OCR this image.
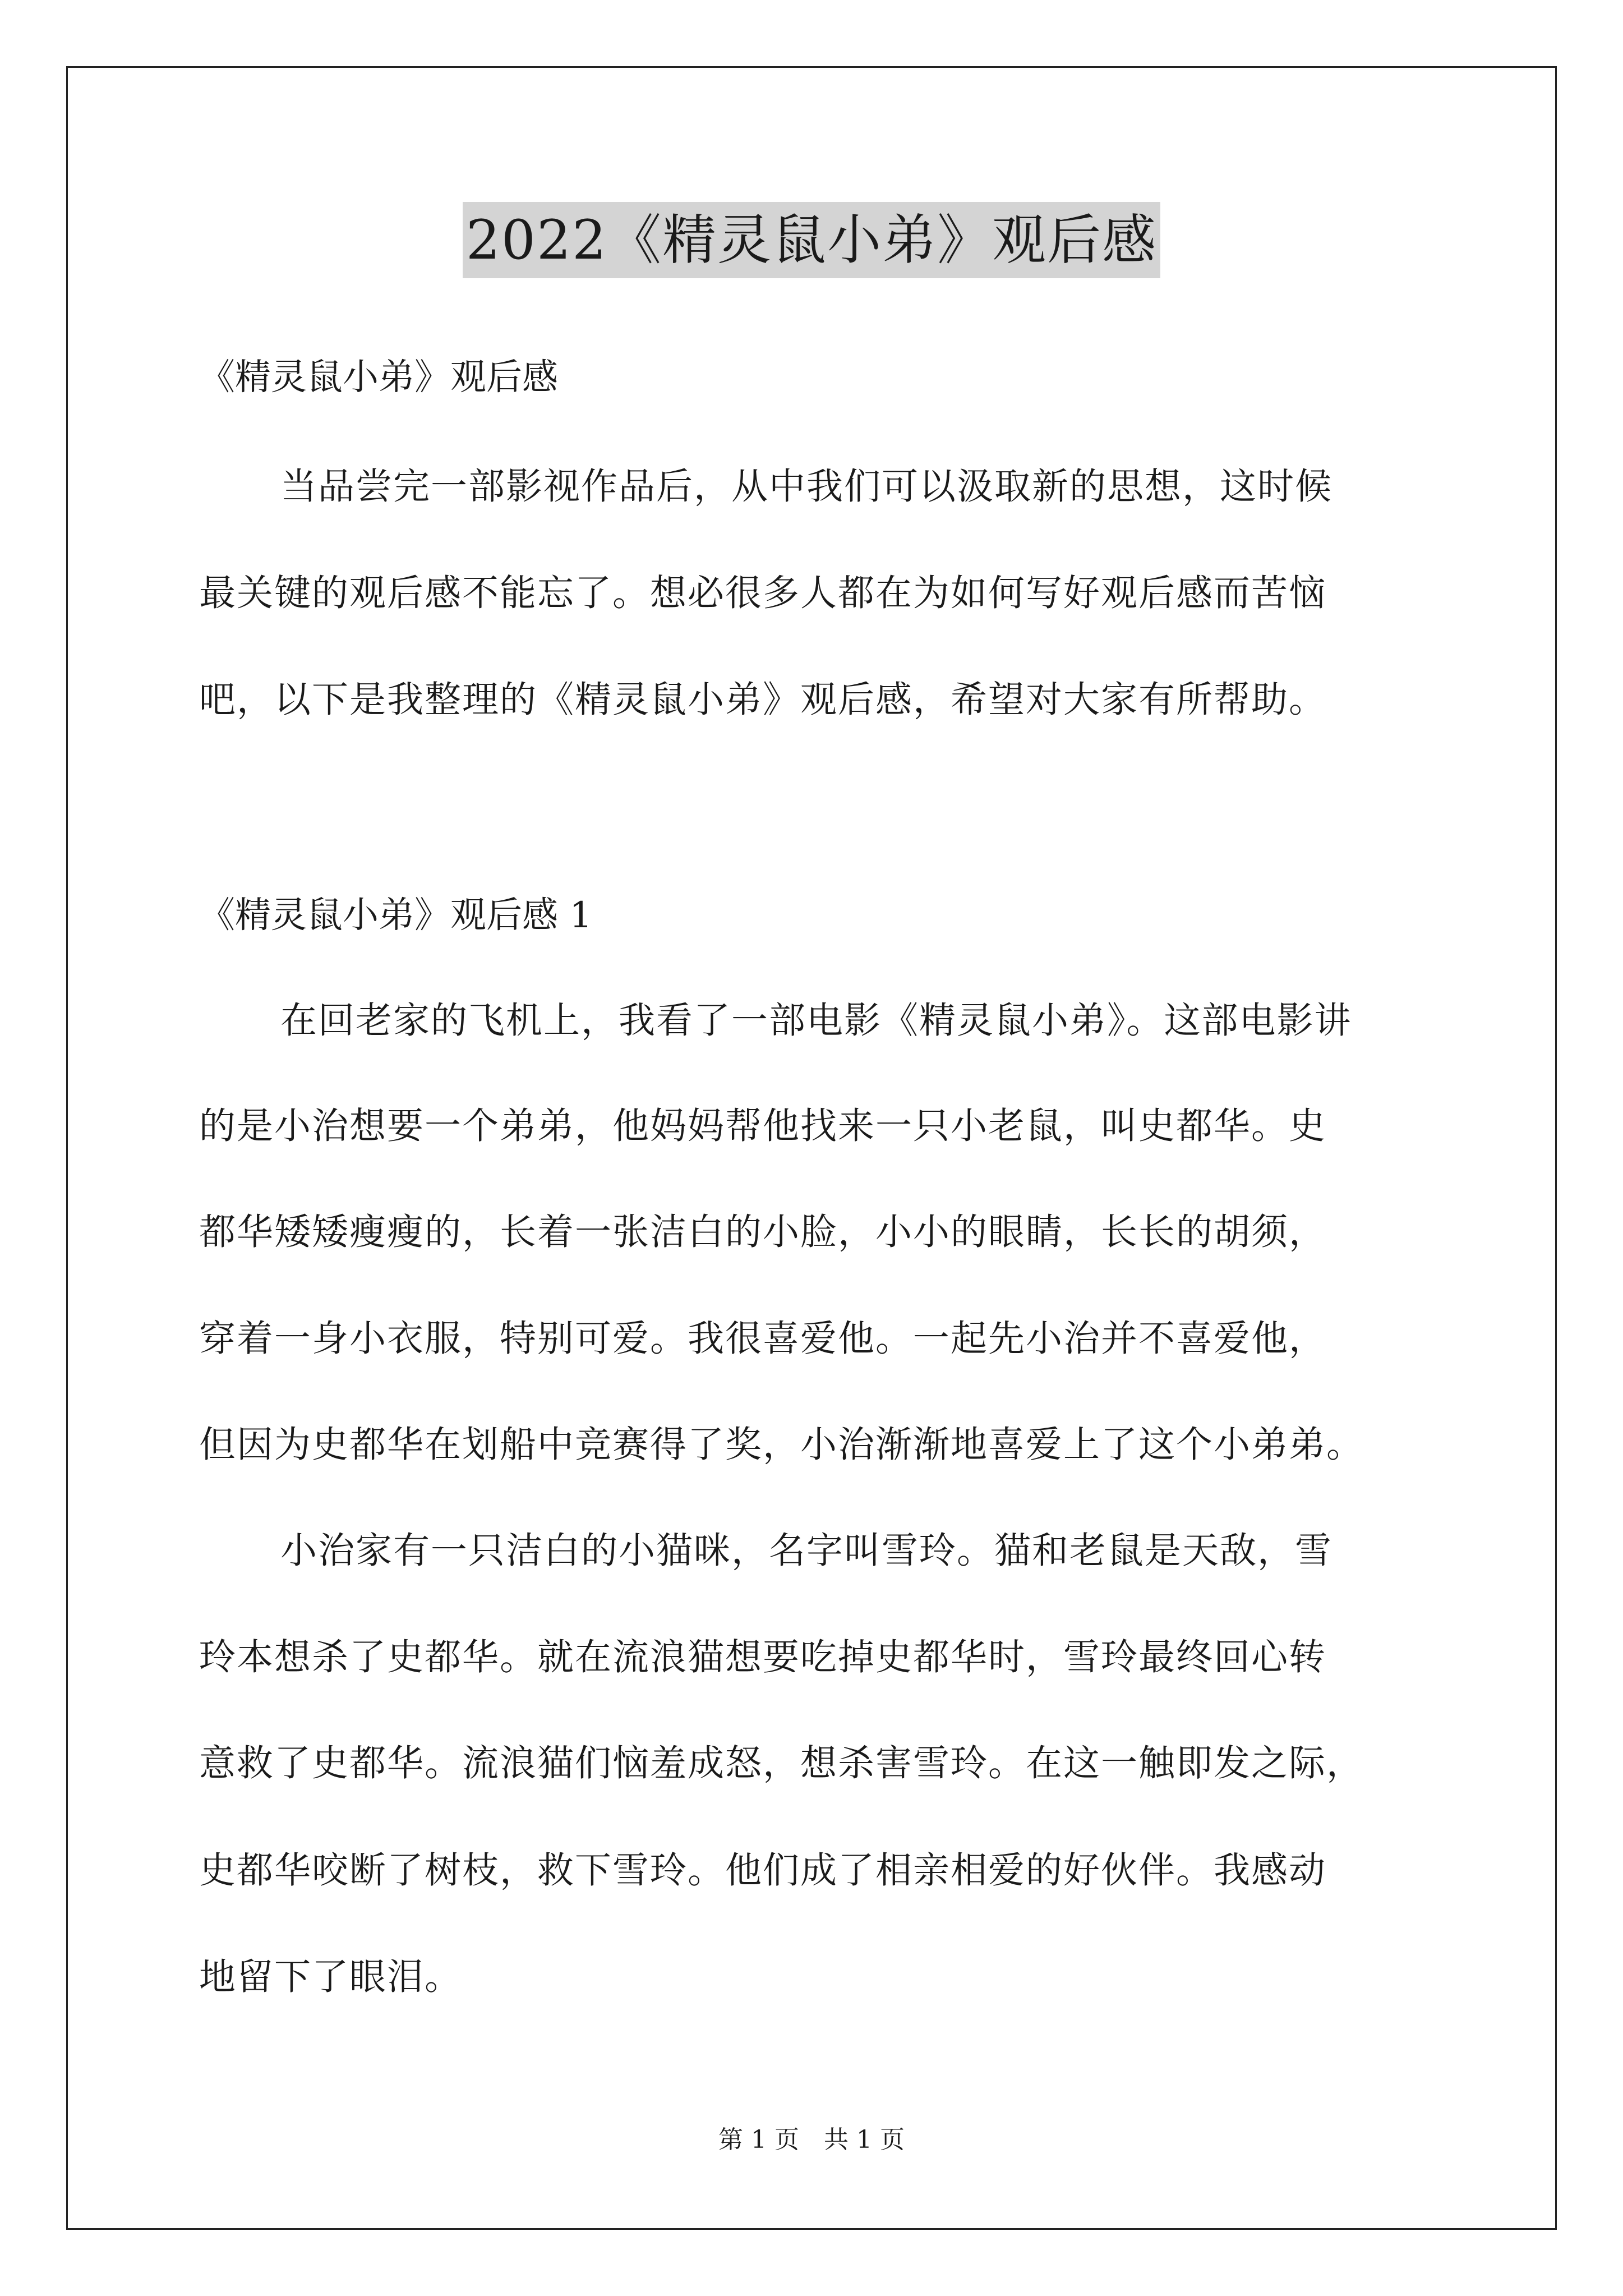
2022《精灵鼠小弟》观后感
《精灵鼠小弟》观后感
当品尝完一部影视作品后，从中我们可以汲取新的思想，这时候
最关键的观后感不能忘了。想必很多人都在为如何写好观后感而苦恼
吧，以下是我整理的《精灵鼠小弟》观后感，希望对大家有所帮助。
《精灵鼠小弟》观后感 1
在回老家的飞机上，我看了一部电影《精灵鼠小弟》。这部电影讲
的是小治想要一个弟弟，他妈妈帮他找来一只小老鼠，叫史都华。史
都华矮矮瘦瘦的，长着一张洁白的小脸，小小的眼睛，长长的胡须，
穿着一身小衣服，特别可爱。我很喜爱他。一起先小治并不喜爱他，
但因为史都华在划船中竞赛得了奖，小治渐渐地喜爱上了这个小弟弟。
小治家有一只洁白的小猫咪，名字叫雪玲。猫和老鼠是天敌，雪
玲本想杀了史都华。就在流浪猫想要吃掉史都华时，雪玲最终回心转
意救了史都华。流浪猫们恼羞成怒，想杀害雪玲。在这一触即发之际，
史都华咬断了树枝，救下雪玲。他们成了相亲相爱的好伙伴。我感动
地留下了眼泪。
第 1 页　共 1 页
